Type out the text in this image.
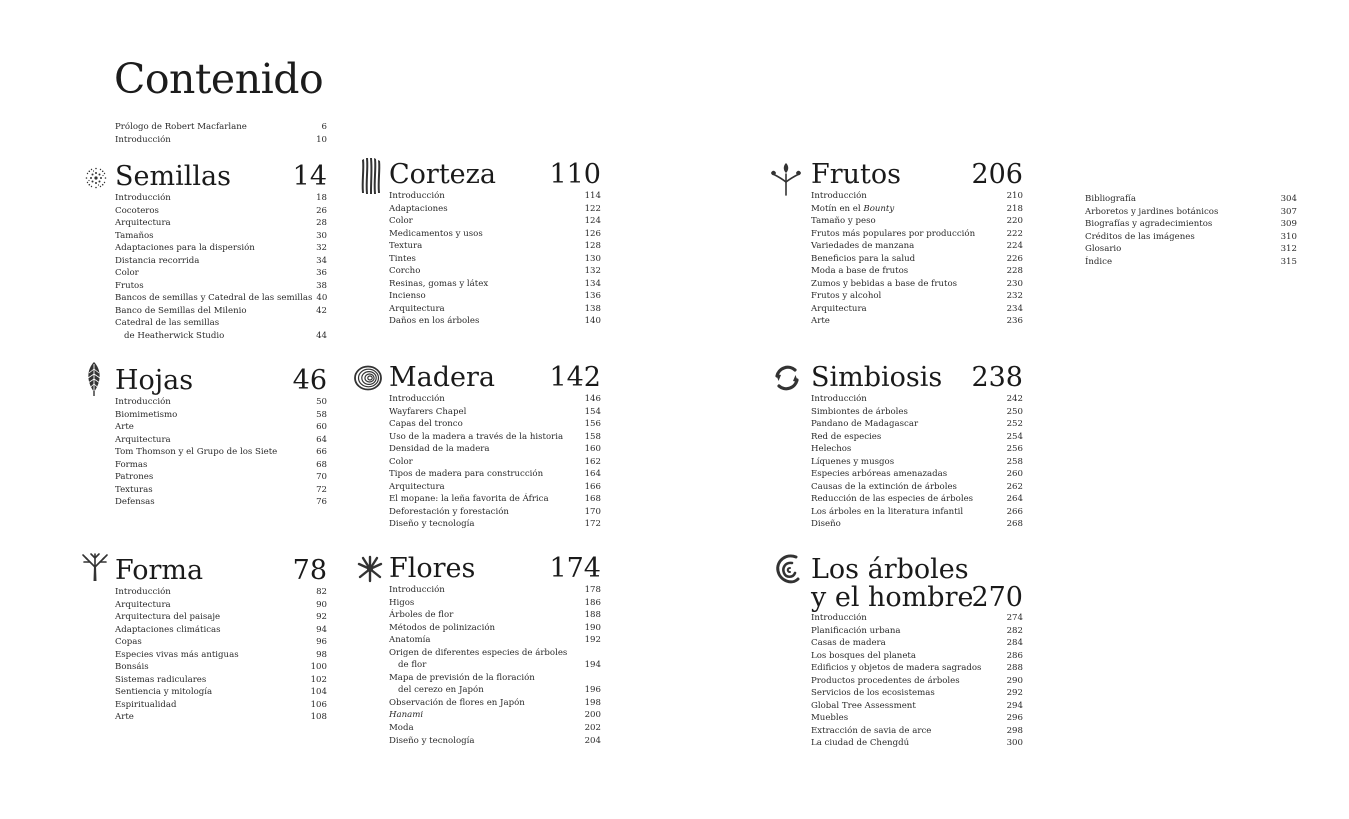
Contenido
Prólogo de Robert Macfarlane	6
Introducción	10
Semillas 14
Introducción	18
Cocoteros	26
Arquitectura	28
Tamaños	30
Adaptaciones para la dispersión	32
Distancia recorrida	34
Color	36
Frutos	38
Bancos de semillas y Catedral de las semillas 40
Banco de Semillas del Milenio	42
Catedral de las semillas
de Heatherwick Studio	44
Hojas	46
Introducción	50
Biomimetismo	58
Arte	60
Arquitectura	64
Tom Thomson y el Grupo de los Siete	66
Formas	68
Patrones	70
Texturas	72
Defensas	76
Forma	78
Introducción	82
Arquitectura	90
Arquitectura del paisaje	92
Adaptaciones climáticas	94
Copas	96
Especies vivas más antiguas	98
Bonsáis	100
Sistemas radiculares	102
Sentiencia y mitología	104
Espiritualidad	106
Arte	108
Corteza 110
Introducción	114
Adaptaciones	122
Color	124
Medicamentos y usos	126
Textura	128
Tintes	130
Corcho	132
Resinas, gomas y látex	134
Incienso	136
Arquitectura	138
Daños en los árboles	140
Madera 142
Introducción	146
Wayfarers Chapel	154
Capas del tronco	156
Uso de la madera a través de la historia	158
Densidad de la madera	160
Color	162
Tipos de madera para construcción	164
Arquitectura	166
El mopane: la leña favorita de África	168
Deforestación y forestación	170
Diseño y tecnología	172
Flores	174
Introducción	178
Higos	186
Árboles de flor	188
Métodos de polinización	190
Anatomía	192
Origen de diferentes especies de árboles
de flor	194
Mapa de previsión de la floración
del cerezo en Japón	196
Observación de flores en Japón	198
Hanami	200
Moda	202
Diseño y tecnología	204
Frutos	206
Introducción	210
Motín en el Bounty	218
Tamaño y peso	220
Frutos más populares por producción	222
Variedades de manzana	224
Beneficios para la salud	226
Moda a base de frutos	228
Zumos y bebidas a base de frutos	230
Frutos y alcohol	232
Arquitectura	234
Arte	236
Simbiosis 238
Introducción	242
Simbiontes de árboles	250
Pandano de Madagascar	252
Red de especies	254
Helechos	256
Líquenes y musgos	258
Especies arbóreas amenazadas	260
Causas de la extinción de árboles	262
Reducción de las especies de árboles	264
Los árboles en la literatura infantil	266
Diseño	268
Los árboles
y el hombre
270
Introducción	274
Planificación urbana	282
Casas de madera	284
Los bosques del planeta	286
Edificios y objetos de madera sagrados	288
Productos procedentes de árboles	290
Servicios de los ecosistemas	292
Global Tree Assessment	294
Muebles	296
Extracción de savia de arce	298
La ciudad de Chengdú	300
Bibliografía	304
Arboretos y jardines botánicos	307
Biografías y agradecimientos	309
Créditos de las imágenes	310
Glosario	312
Índice	315
